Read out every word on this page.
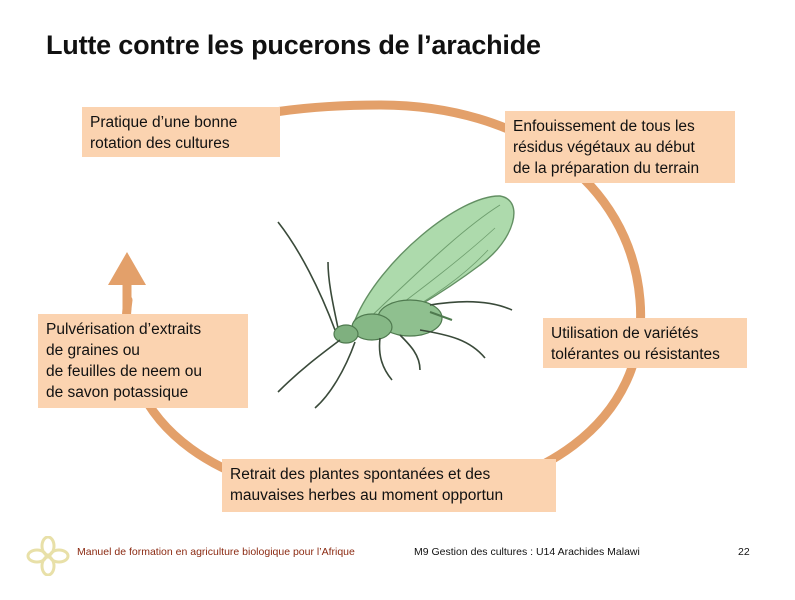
Lutte contre les pucerons de l’arachide
Pratique d’une bonne
rotation des cultures
Enfouissement de tous les
résidus végétaux au début
de la préparation du terrain
Utilisation de variétés
tolérantes ou résistantes
Retrait des plantes spontanées et des
mauvaises herbes au moment opportun
Pulvérisation d’extraits
de graines ou
de feuilles de neem ou
de savon potassique
Manuel de formation en agriculture biologique pour l’Afrique	M9 Gestion des cultures : U14 Arachides Malawi	22
